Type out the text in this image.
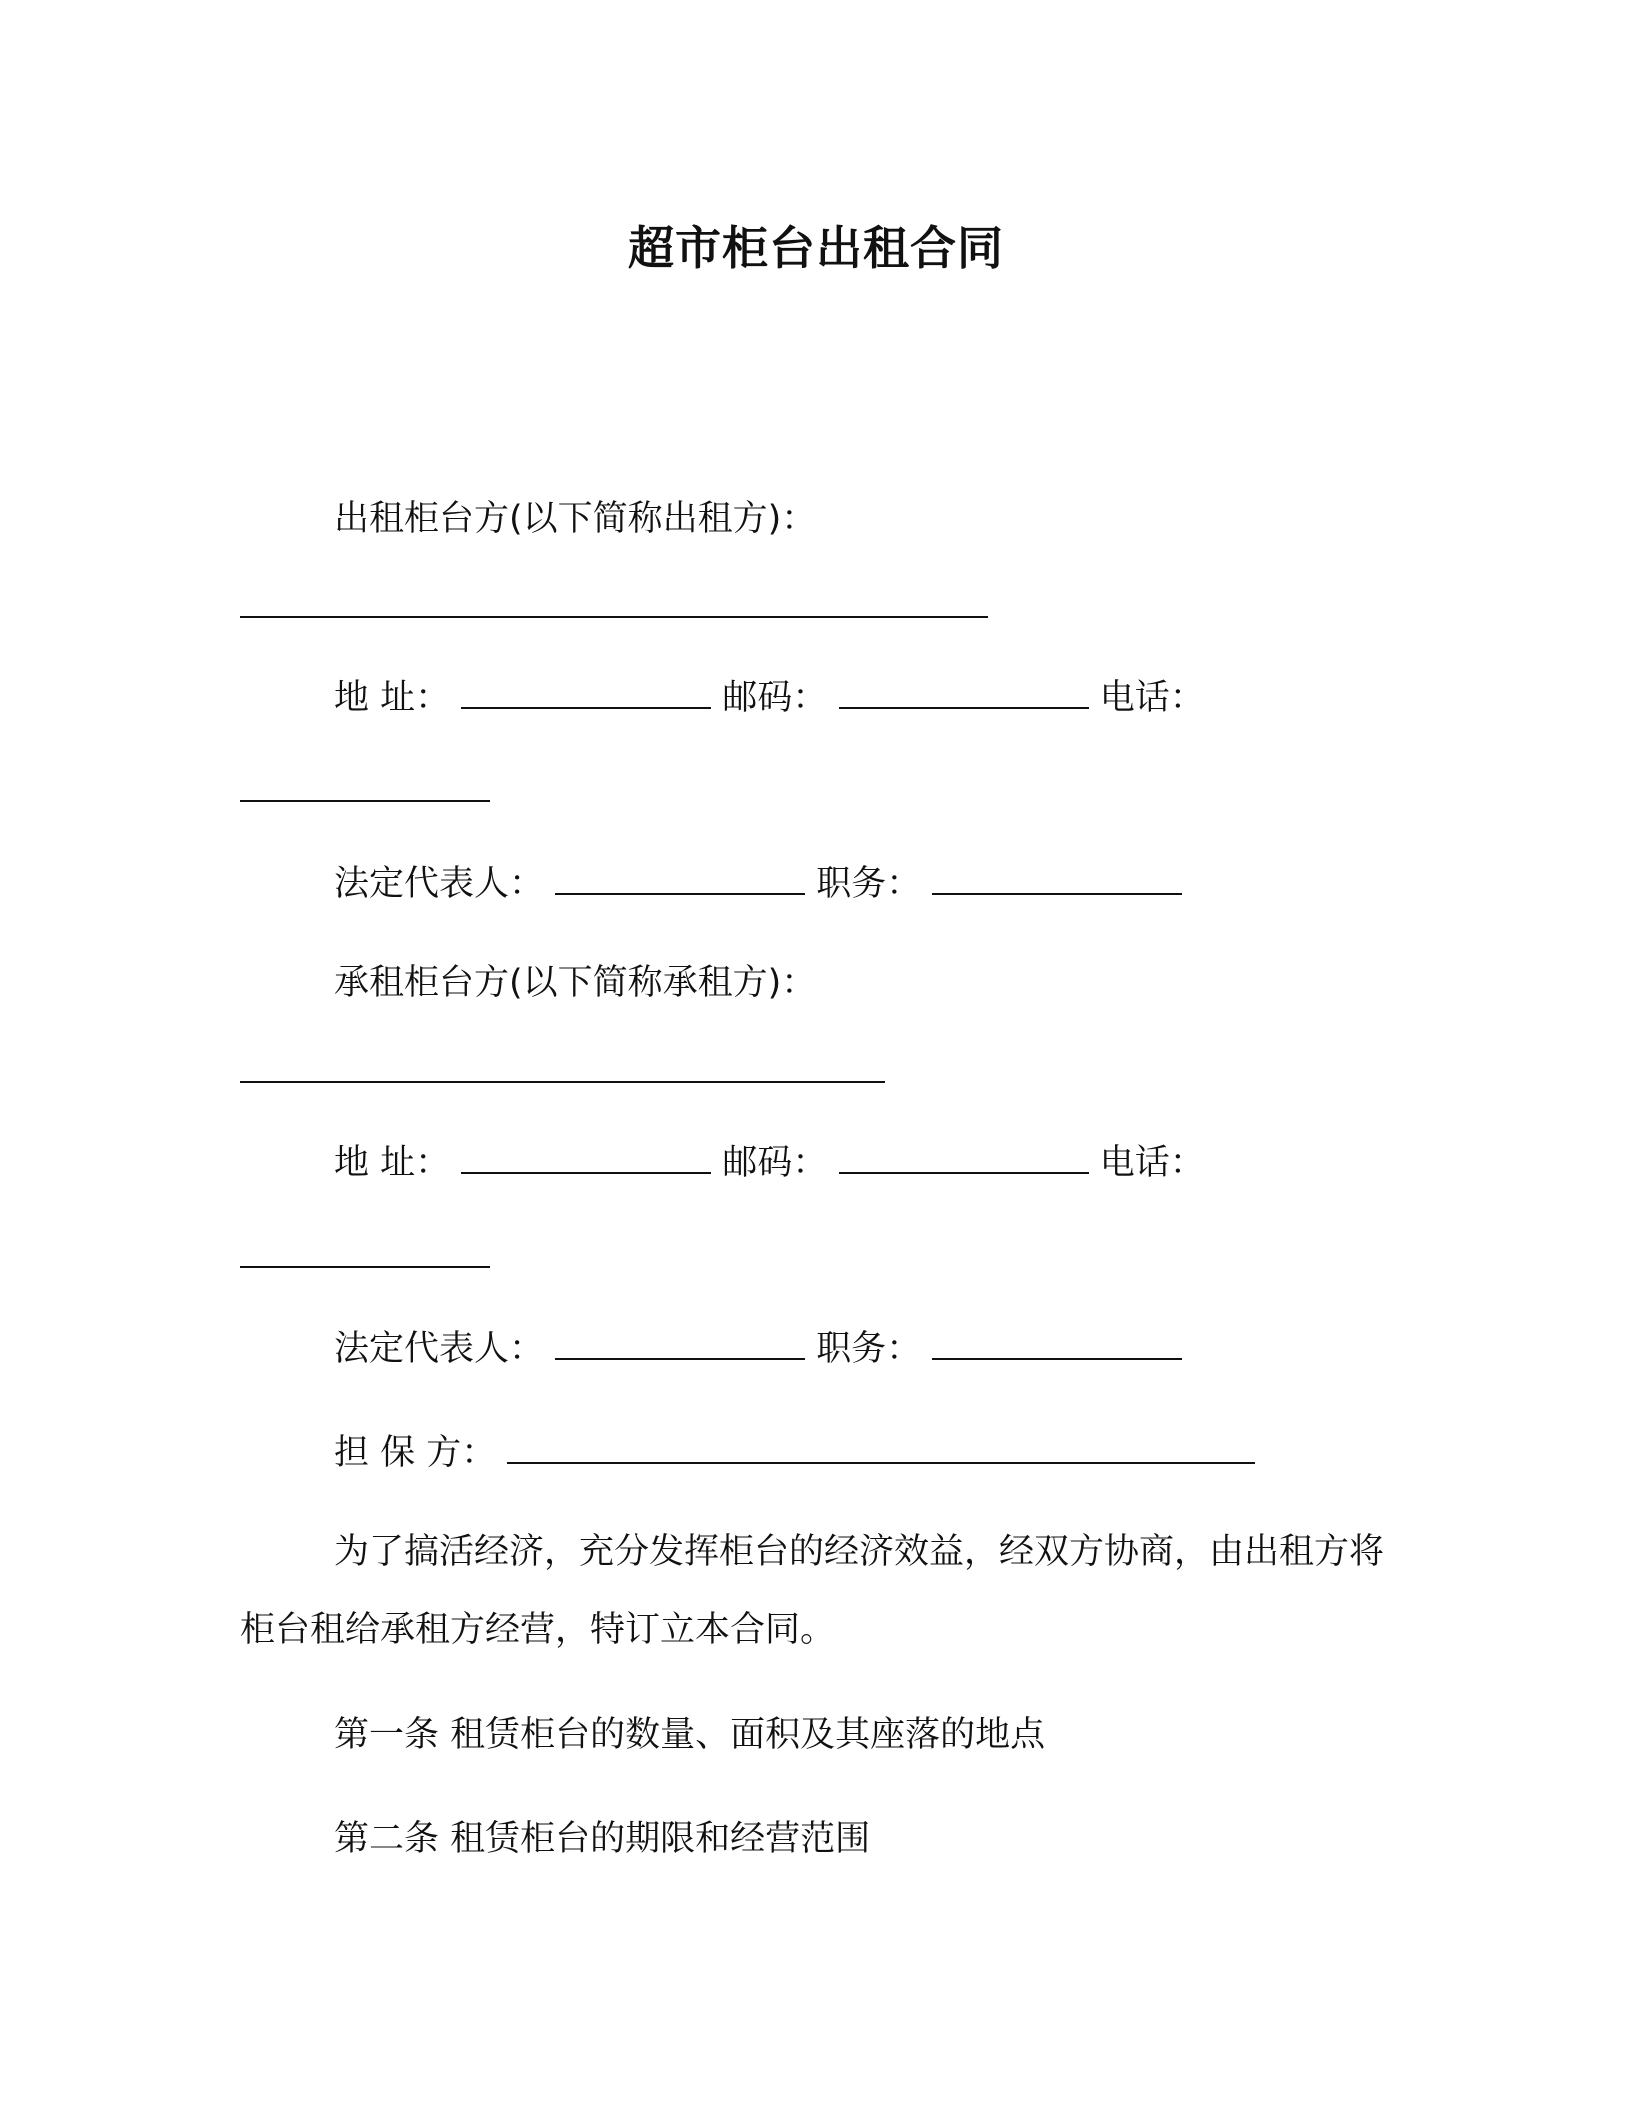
超市柜台出租合同
出租柜台方(以下简称出租方)：
地 址：	邮码：	电话：
法定代表人：	职务：
承租柜台方(以下简称承租方)：
地 址：	邮码：	电话：
法定代表人：	职务：
担 保 方：
为了搞活经济，充分发挥柜台的经济效益，经双方协商，由出租方将柜台租给承租方经营，特订立本合同。
第一条 租赁柜台的数量、面积及其座落的地点
第二条 租赁柜台的期限和经营范围
